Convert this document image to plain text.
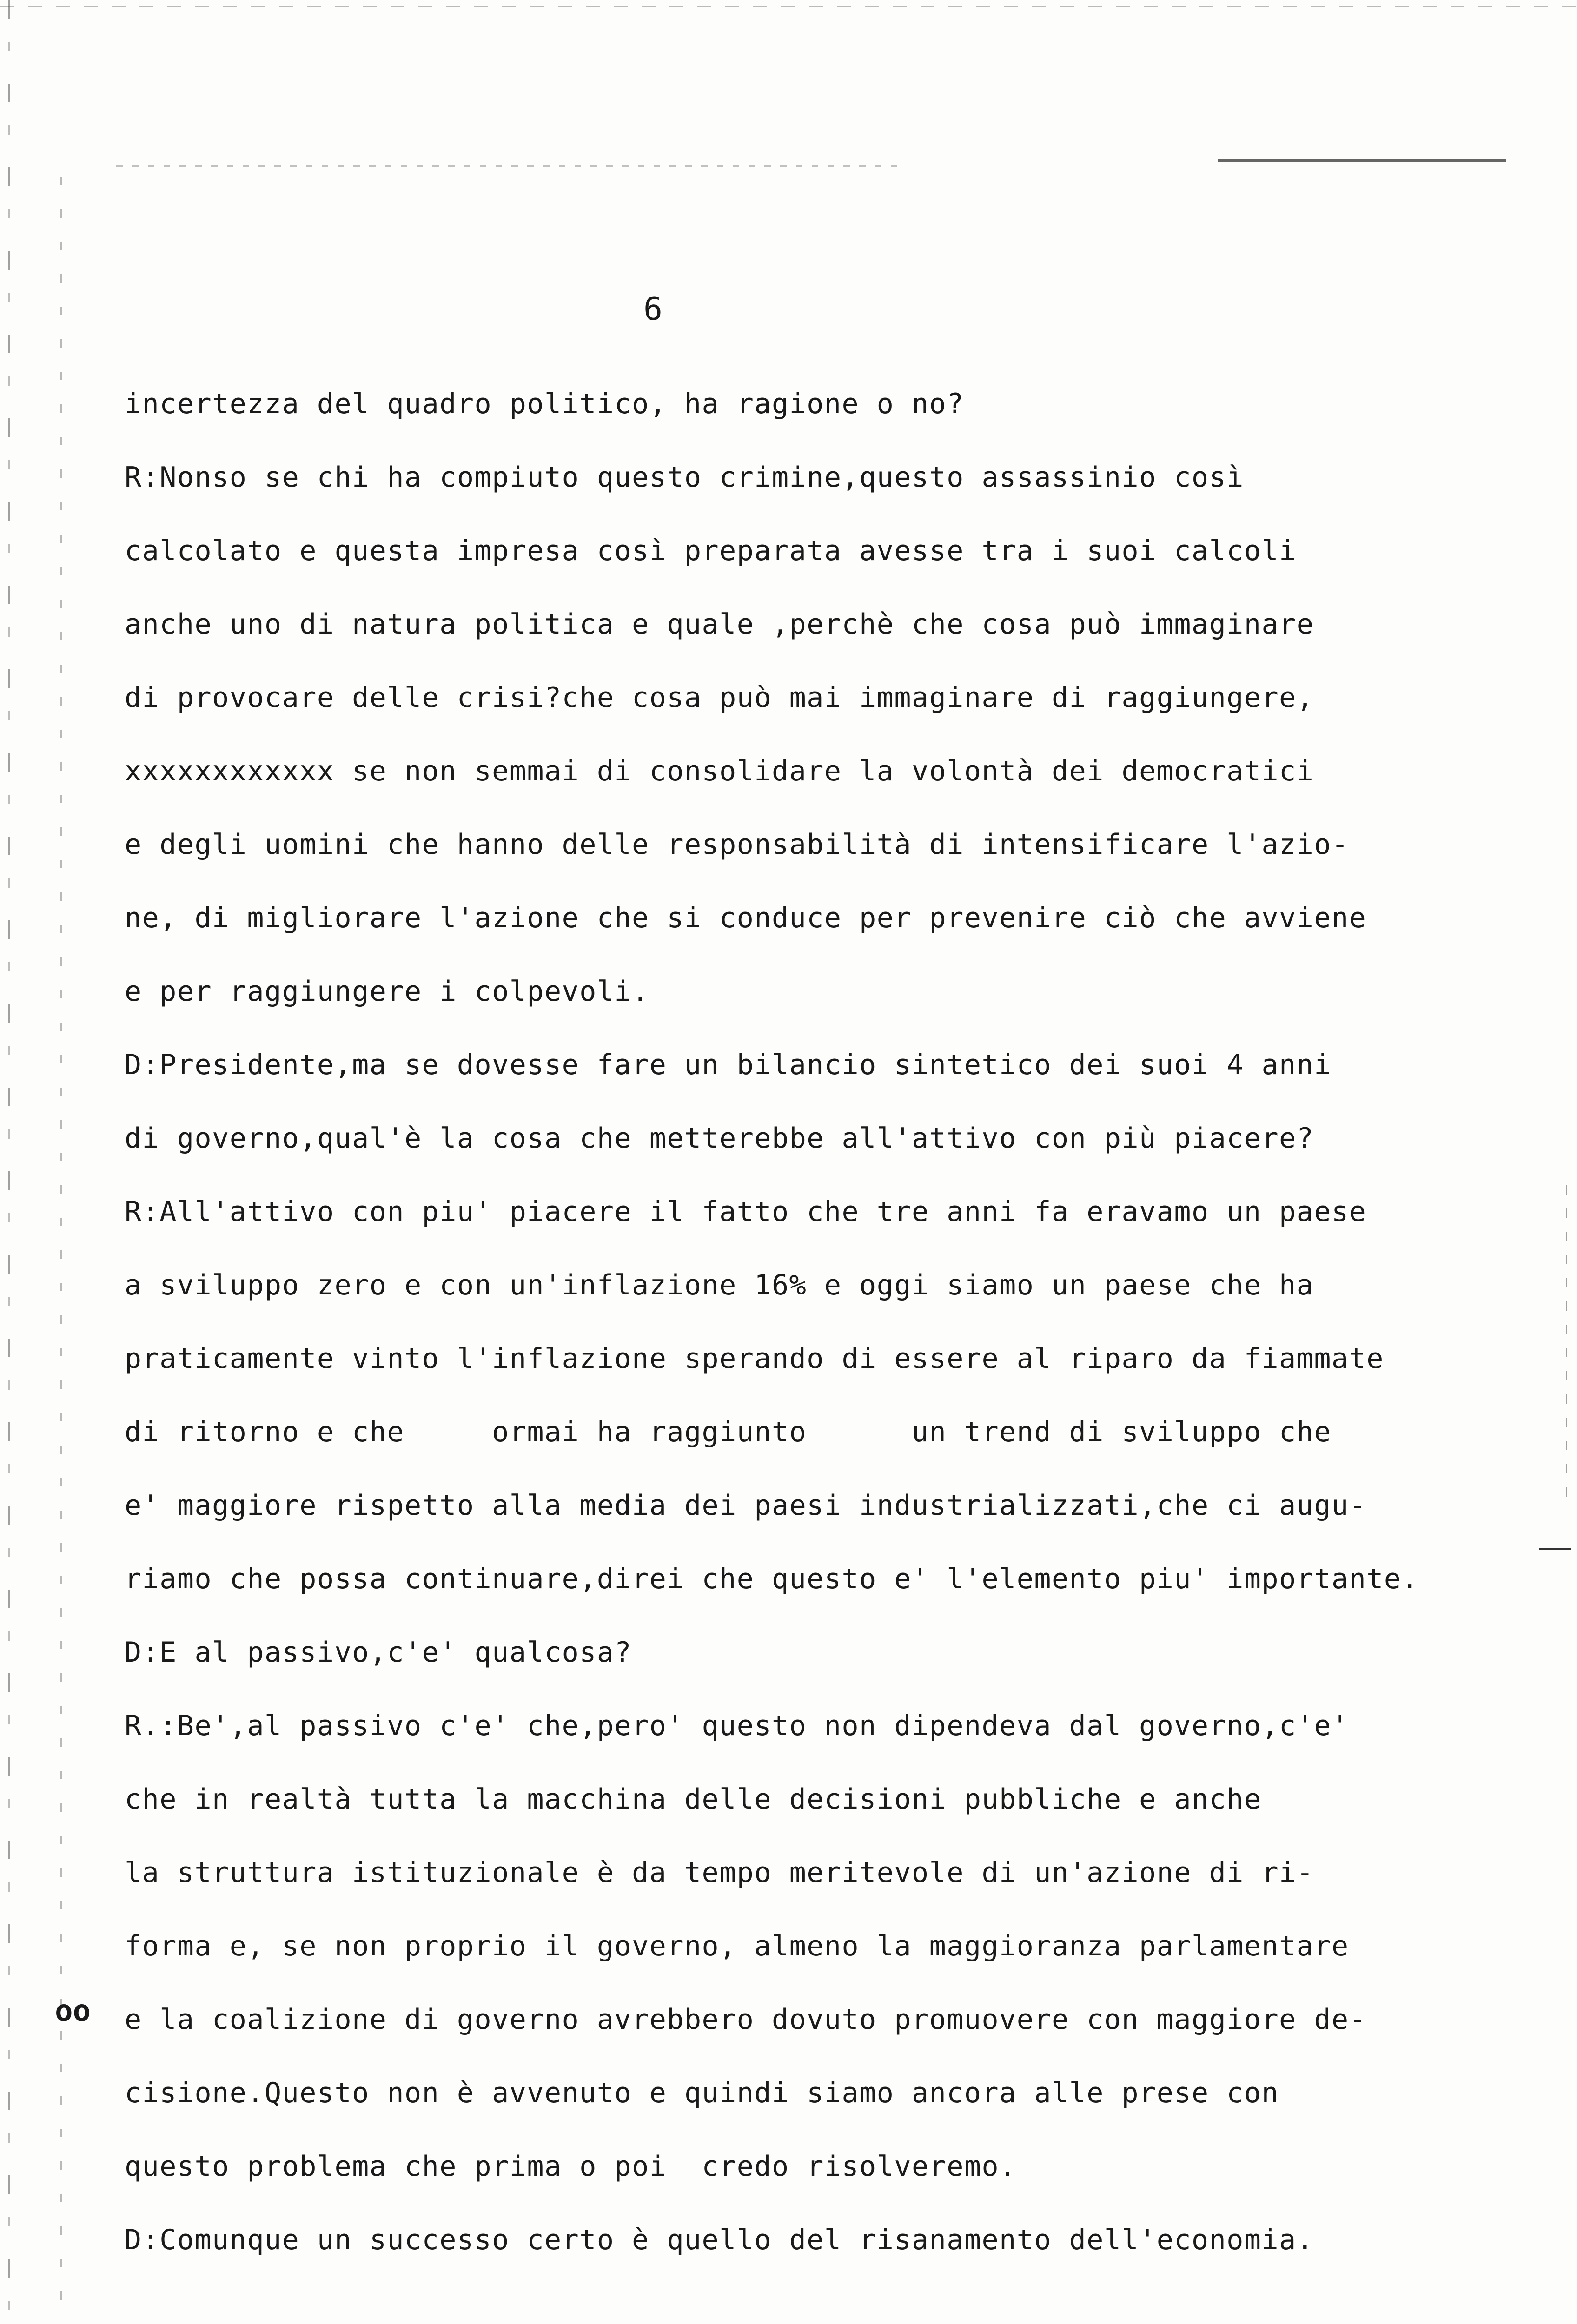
6
incertezza del quadro politico, ha ragione o no?
R:Nonso se chi ha compiuto questo crimine,questo assassinio così
calcolato e questa impresa così preparata avesse tra i suoi calcoli
anche uno di natura politica e quale ,perchè che cosa può immaginare
di provocare delle crisi?che cosa può mai immaginare di raggiungere,
xxxxxxxxxxxx se non semmai di consolidare la volontà dei democratici
e degli uomini che hanno delle responsabilità di intensificare l'azio-
ne, di migliorare l'azione che si conduce per prevenire ciò che avviene
e per raggiungere i colpevoli.
D:Presidente,ma se dovesse fare un bilancio sintetico dei suoi 4 anni
di governo,qual'è la cosa che metterebbe all'attivo con più piacere?
R:All'attivo con piu' piacere il fatto che tre anni fa eravamo un paese
a sviluppo zero e con un'inflazione 16% e oggi siamo un paese che ha
praticamente vinto l'inflazione sperando di essere al riparo da fiammate
di ritorno e che     ormai ha raggiunto      un trend di sviluppo che
e' maggiore rispetto alla media dei paesi industrializzati,che ci augu-
riamo che possa continuare,direi che questo e' l'elemento piu' importante.
D:E al passivo,c'e' qualcosa?
R.:Be',al passivo c'e' che,pero' questo non dipendeva dal governo,c'e'
che in realtà tutta la macchina delle decisioni pubbliche e anche
la struttura istituzionale è da tempo meritevole di un'azione di ri-
forma e, se non proprio il governo, almeno la maggioranza parlamentare
e la coalizione di governo avrebbero dovuto promuovere con maggiore de-
cisione.Questo non è avvenuto e quindi siamo ancora alle prese con
questo problema che prima o poi  credo risolveremo.
D:Comunque un successo certo è quello del risanamento dell'economia.
oo
